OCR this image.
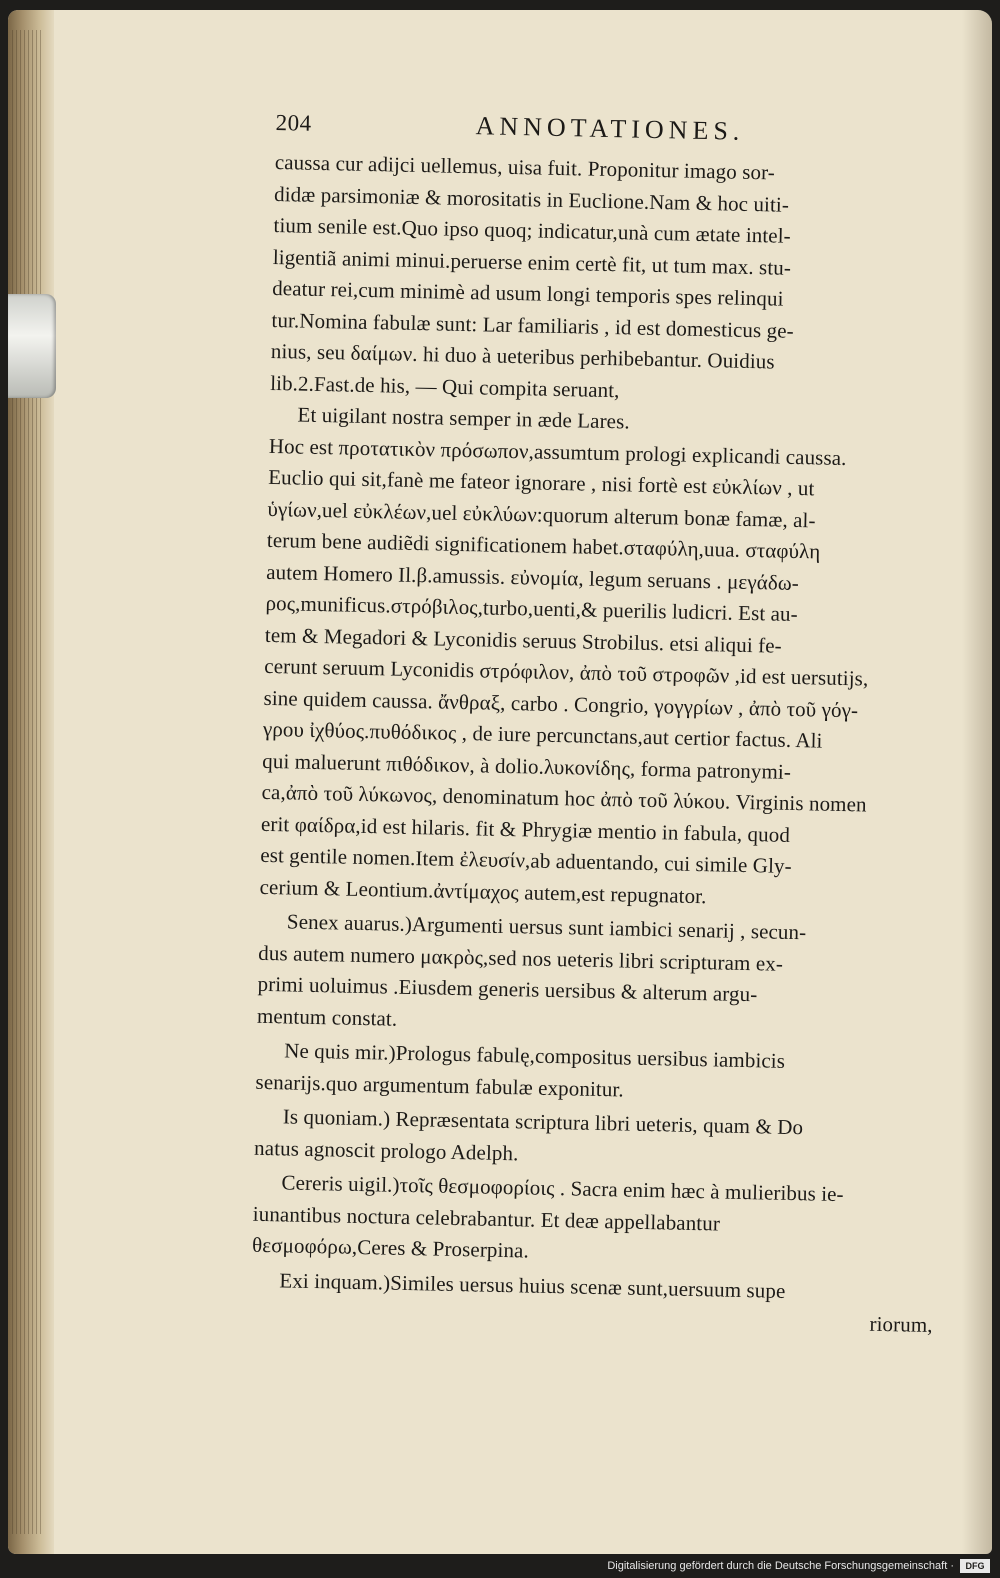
204	ANNOTATIONES.
caussa cur adijci uellemus, uisa fuit. Proponitur imago sor-
didæ parsimoniæ & morositatis in Euclione.Nam & hoc uiti-
tium senile est.Quo ipso quoq; indicatur,unà cum ætate intel-
ligentiã animi minui.peruerse enim certè fit, ut tum max. stu-
deatur rei,cum minimè ad usum longi temporis spes relinqui
tur.Nomina fabulæ sunt: Lar familiaris , id est domesticus ge-
nius, seu δαίμων. hi duo à ueteribus perhibebantur. Ouidius
lib.2.Fast.de his, — Qui compita seruant,
Et uigilant nostra semper in æde Lares.
Hoc est προτατικὸν πρόσωπον,assumtum prologi explicandi caussa.
Euclio qui sit,fanè me fateor ignorare , nisi fortè est εὐκλίων , ut
ὑγίων,uel εὐκλέων,uel εὐκλύων:quorum alterum bonæ famæ, al-
terum bene audiẽdi significationem habet.σταφύλη,uua. σταφύλη
autem Homero Il.β.amussis. εὐνομία, legum seruans . μεγάδω-
ρος,munificus.στρόβιλος,turbo,uenti,& puerilis ludicri. Est au-
tem & Megadori & Lyconidis seruus Strobilus. etsi aliqui fe-
cerunt seruum Lyconidis στρόφιλον, ἀπὸ τοῦ στροφῶν ,id est uersutijs,
sine quidem caussa. ἄνθραξ, carbo . Congrio, γογγρίων , ἀπὸ τοῦ γόγ-
γρου ἰχθύος.πυθόδικος , de iure percunctans,aut certior factus. Ali
qui maluerunt πιθόδικον, à dolio.λυκονίδης, forma patronymi-
ca,ἀπὸ τοῦ λύκωνος, denominatum hoc ἀπὸ τοῦ λύκου. Virginis nomen
erit φαίδρα,id est hilaris. fit & Phrygiæ mentio in fabula, quod
est gentile nomen.Item ἐλευσίν,ab aduentando, cui simile Gly-
cerium & Leontium.ἀντίμαχος autem,est repugnator.
Senex auarus.)Argumenti uersus sunt iambici senarij , secun-
dus autem numero μακρὸς,sed nos ueteris libri scripturam ex-
primi uoluimus .Eiusdem generis uersibus & alterum argu-
mentum constat.
Ne quis mir.)Prologus fabulę,compositus uersibus iambicis
senarijs.quo argumentum fabulæ exponitur.
Is quoniam.) Repræsentata scriptura libri ueteris, quam & Do
natus agnoscit prologo Adelph.
Cereris uigil.)τοῖς θεσμοφορίοις . Sacra enim hæc à mulieribus ie-
iunantibus noctura celebrabantur. Et deæ appellabantur
θεσμοφόρω,Ceres & Proserpina.
Exi inquam.)Similes uersus huius scenæ sunt,uersuum supe
riorum,
Digitalisierung gefördert durch die Deutsche Forschungsgemeinschaft ·	DFG
